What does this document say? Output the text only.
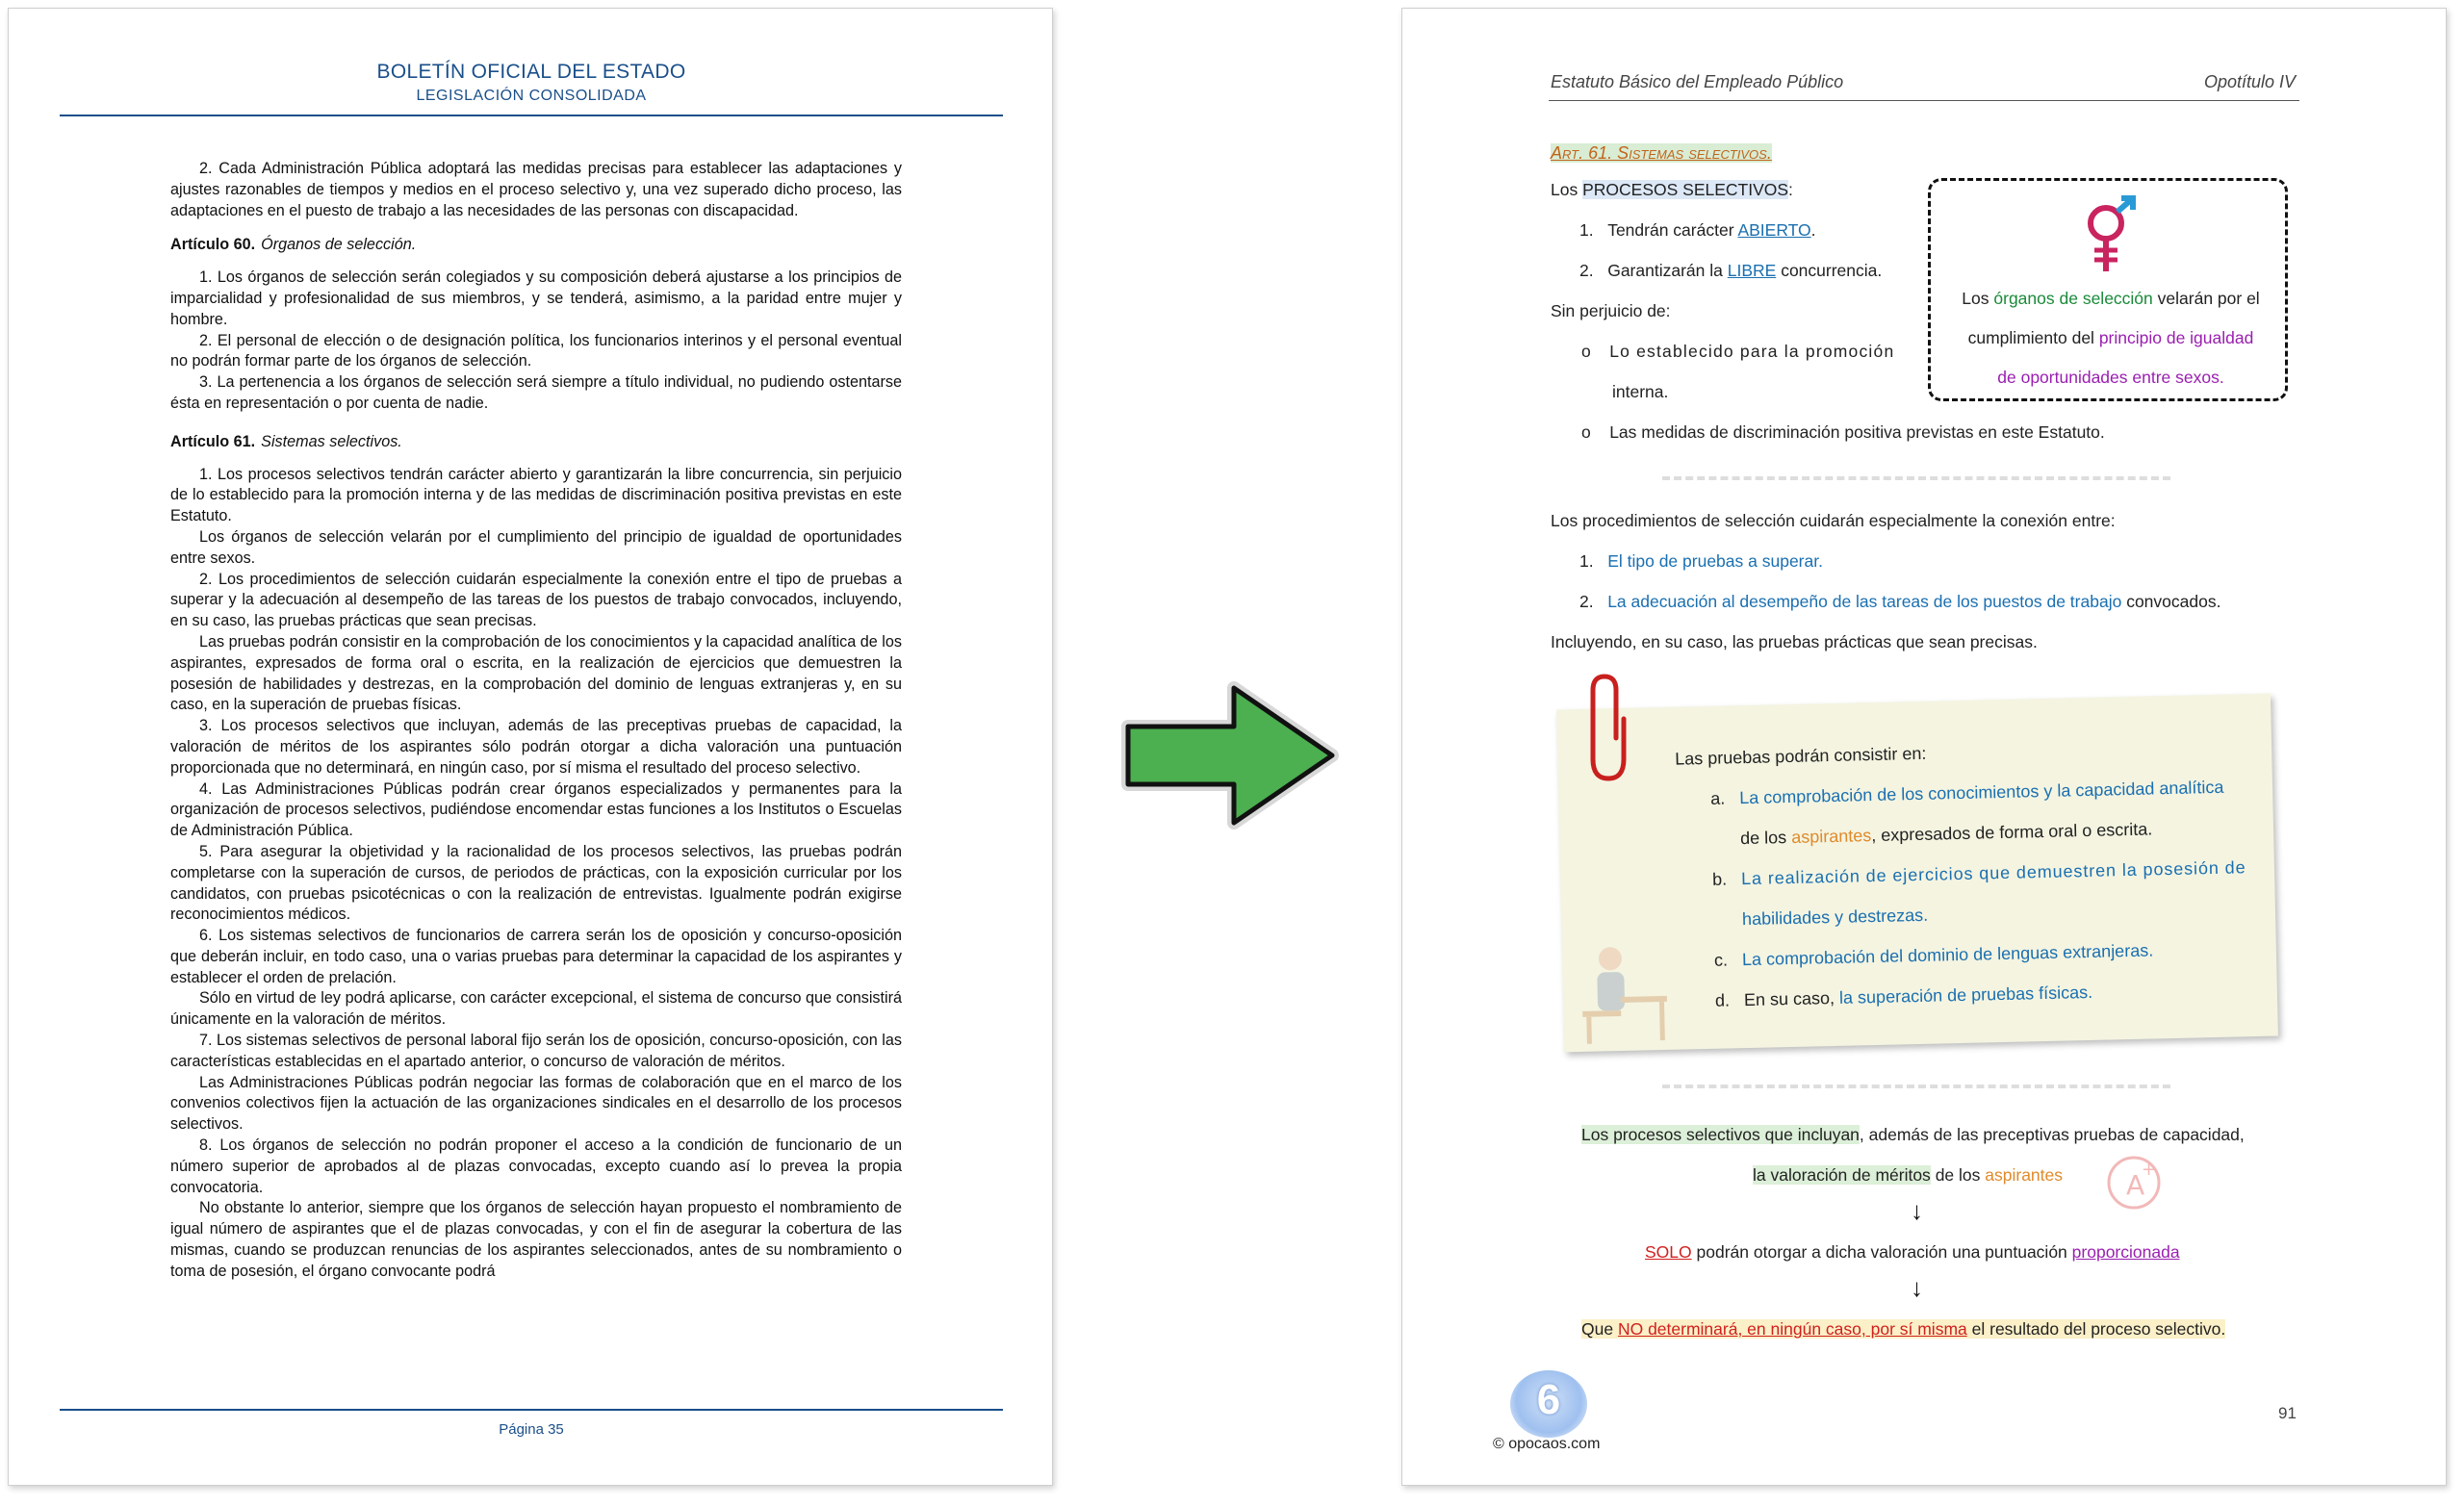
BOLETÍN OFICIAL DEL ESTADO
LEGISLACIÓN CONSOLIDADA

2. Cada Administración Pública adoptará las medidas precisas para establecer las adaptaciones y ajustes razonables de tiempos y medios en el proceso selectivo y, una vez superado dicho proceso, las adaptaciones en el puesto de trabajo a las necesidades de las personas con discapacidad.

Artículo 60. Órganos de selección.

1. Los órganos de selección serán colegiados y su composición deberá ajustarse a los principios de imparcialidad y profesionalidad de sus miembros, y se tenderá, asimismo, a la paridad entre mujer y hombre.

2. El personal de elección o de designación política, los funcionarios interinos y el personal eventual no podrán formar parte de los órganos de selección.

3. La pertenencia a los órganos de selección será siempre a título individual, no pudiendo ostentarse ésta en representación o por cuenta de nadie.

Artículo 61. Sistemas selectivos.

1. Los procesos selectivos tendrán carácter abierto y garantizarán la libre concurrencia, sin perjuicio de lo establecido para la promoción interna y de las medidas de discriminación positiva previstas en este Estatuto.

Los órganos de selección velarán por el cumplimiento del principio de igualdad de oportunidades entre sexos.

2. Los procedimientos de selección cuidarán especialmente la conexión entre el tipo de pruebas a superar y la adecuación al desempeño de las tareas de los puestos de trabajo convocados, incluyendo, en su caso, las pruebas prácticas que sean precisas.

Las pruebas podrán consistir en la comprobación de los conocimientos y la capacidad analítica de los aspirantes, expresados de forma oral o escrita, en la realización de ejercicios que demuestren la posesión de habilidades y destrezas, en la comprobación del dominio de lenguas extranjeras y, en su caso, en la superación de pruebas físicas.

3. Los procesos selectivos que incluyan, además de las preceptivas pruebas de capacidad, la valoración de méritos de los aspirantes sólo podrán otorgar a dicha valoración una puntuación proporcionada que no determinará, en ningún caso, por sí misma el resultado del proceso selectivo.

4. Las Administraciones Públicas podrán crear órganos especializados y permanentes para la organización de procesos selectivos, pudiéndose encomendar estas funciones a los Institutos o Escuelas de Administración Pública.

5. Para asegurar la objetividad y la racionalidad de los procesos selectivos, las pruebas podrán completarse con la superación de cursos, de periodos de prácticas, con la exposición curricular por los candidatos, con pruebas psicotécnicas o con la realización de entrevistas. Igualmente podrán exigirse reconocimientos médicos.

6. Los sistemas selectivos de funcionarios de carrera serán los de oposición y concurso-oposición que deberán incluir, en todo caso, una o varias pruebas para determinar la capacidad de los aspirantes y establecer el orden de prelación.

Sólo en virtud de ley podrá aplicarse, con carácter excepcional, el sistema de concurso que consistirá únicamente en la valoración de méritos.

7. Los sistemas selectivos de personal laboral fijo serán los de oposición, concurso-oposición, con las características establecidas en el apartado anterior, o concurso de valoración de méritos.

Las Administraciones Públicas podrán negociar las formas de colaboración que en el marco de los convenios colectivos fijen la actuación de las organizaciones sindicales en el desarrollo de los procesos selectivos.

8. Los órganos de selección no podrán proponer el acceso a la condición de funcionario de un número superior de aprobados al de plazas convocadas, excepto cuando así lo prevea la propia convocatoria.

No obstante lo anterior, siempre que los órganos de selección hayan propuesto el nombramiento de igual número de aspirantes que el de plazas convocadas, y con el fin de asegurar la cobertura de las mismas, cuando se produzcan renuncias de los aspirantes seleccionados, antes de su nombramiento o toma de posesión, el órgano convocante podrá

Página 35
Estatuto Básico del Empleado Público	Opotítulo IV
Art. 61. Sistemas selectivos.
Los PROCESOS SELECTIVOS:
1. Tendrán carácter ABIERTO.
2. Garantizarán la LIBRE concurrencia.
Sin perjuicio de:
o Lo establecido para la promoción
interna.
o Las medidas de discriminación positiva previstas en este Estatuto.
Los órganos de selección velarán por el
cumplimiento del principio de igualdad
de oportunidades entre sexos.
Los procedimientos de selección cuidarán especialmente la conexión entre:
1. El tipo de pruebas a superar.
2. La adecuación al desempeño de las tareas de los puestos de trabajo convocados.
Incluyendo, en su caso, las pruebas prácticas que sean precisas.
Las pruebas podrán consistir en:
a. La comprobación de los conocimientos y la capacidad analítica
de los aspirantes, expresados de forma oral o escrita.
b. La realización de ejercicios que demuestren la posesión de
habilidades y destrezas.
c. La comprobación del dominio de lenguas extranjeras.
d. En su caso, la superación de pruebas físicas.
Los procesos selectivos que incluyan, además de las preceptivas pruebas de capacidad,
la valoración de méritos de los aspirantes A
+
↓
SOLO podrán otorgar a dicha valoración una puntuación proporcionada
↓
Que NO determinará, en ningún caso, por sí misma el resultado del proceso selectivo.
6
© opocaos.com
91
